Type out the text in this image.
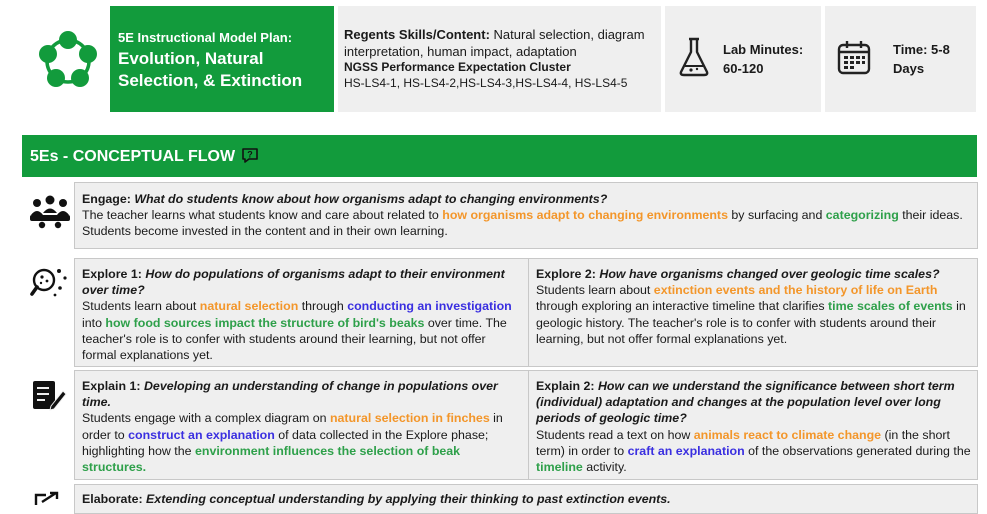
5E Instructional Model Plan:
Evolution, Natural
Selection, & Extinction
Regents Skills/Content: Natural selection, diagram interpretation, human impact, adaptation
NGSS Performance Expectation Cluster
HS-LS4-1, HS-LS4-2,HS-LS4-3,HS-LS4-4, HS-LS4-5
Lab Minutes:
60-120
Time: 5-8
Days
5Es - CONCEPTUAL FLOW ?
Engage: What do students know about how organisms adapt to changing environments?
The teacher learns what students know and care about related to how organisms adapt to changing environments by surfacing and categorizing their ideas.
Students become invested in the content and in their own learning.
Explore 1: How do populations of organisms adapt to their environment over time?
Students learn about natural selection through conducting an investigation into how food sources impact the structure of bird's beaks over time. The teacher's role is to confer with students around their learning, but not offer formal explanations yet.
Explore 2: How have organisms changed over geologic time scales?
Students learn about extinction events and the history of life on Earth through exploring an interactive timeline that clarifies time scales of events in geologic history. The teacher's role is to confer with students around their learning, but not offer formal explanations yet.
Explain 1: Developing an understanding of change in populations over time.
Students engage with a complex diagram on natural selection in finches in order to construct an explanation of data collected in the Explore phase; highlighting how the environment influences the selection of beak structures.
Explain 2: How can we understand the significance between short term (individual) adaptation and changes at the population level over long periods of geologic time?
Students read a text on how animals react to climate change (in the short term) in order to craft an explanation of the observations generated during the timeline activity.
Elaborate: Extending conceptual understanding by applying their thinking to past extinction events.
